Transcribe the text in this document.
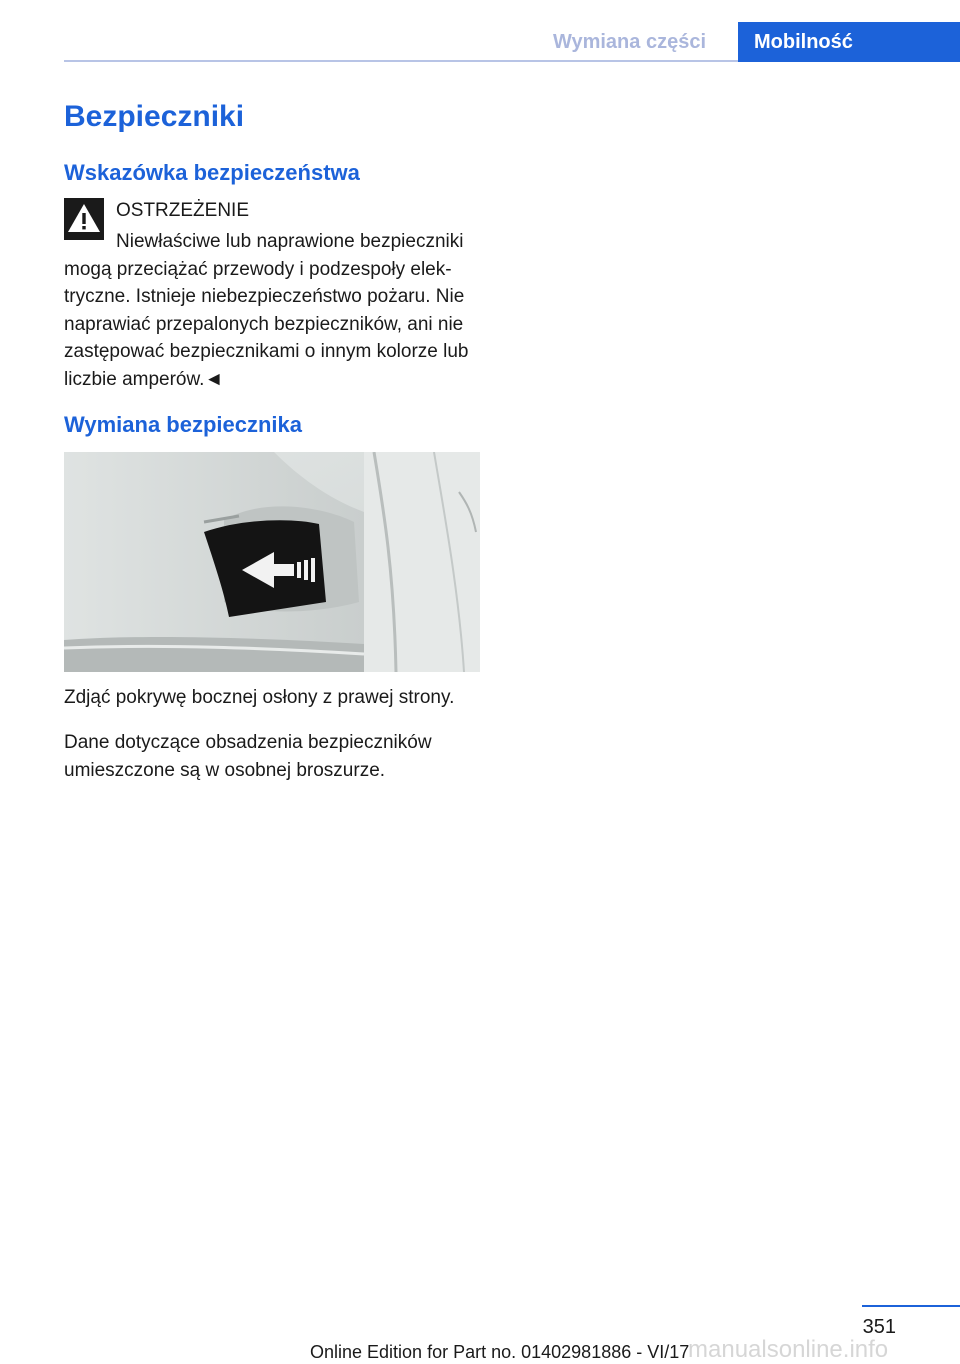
Wymiana części	Mobilność
Bezpieczniki
Wskazówka bezpieczeństwa
OSTRZEŻENIE

Niewłaściwe lub naprawione bezpieczniki mogą przeciążać przewody i podzespoły elektryczne. Istnieje niebezpieczeństwo pożaru. Nie naprawiać przepalonych bezpieczników, ani nie zastępować bezpiecznikami o innym kolorze lub liczbie amperów.◄

Wymiana bezpiecznika

Zdjąć pokrywę bocznej osłony z prawej strony.

Dane dotyczące obsadzenia bezpieczników umieszczone są w osobnej broszurze.

351
Online Edition for Part no. 01402981886 - VI/17
manualsonline.info
